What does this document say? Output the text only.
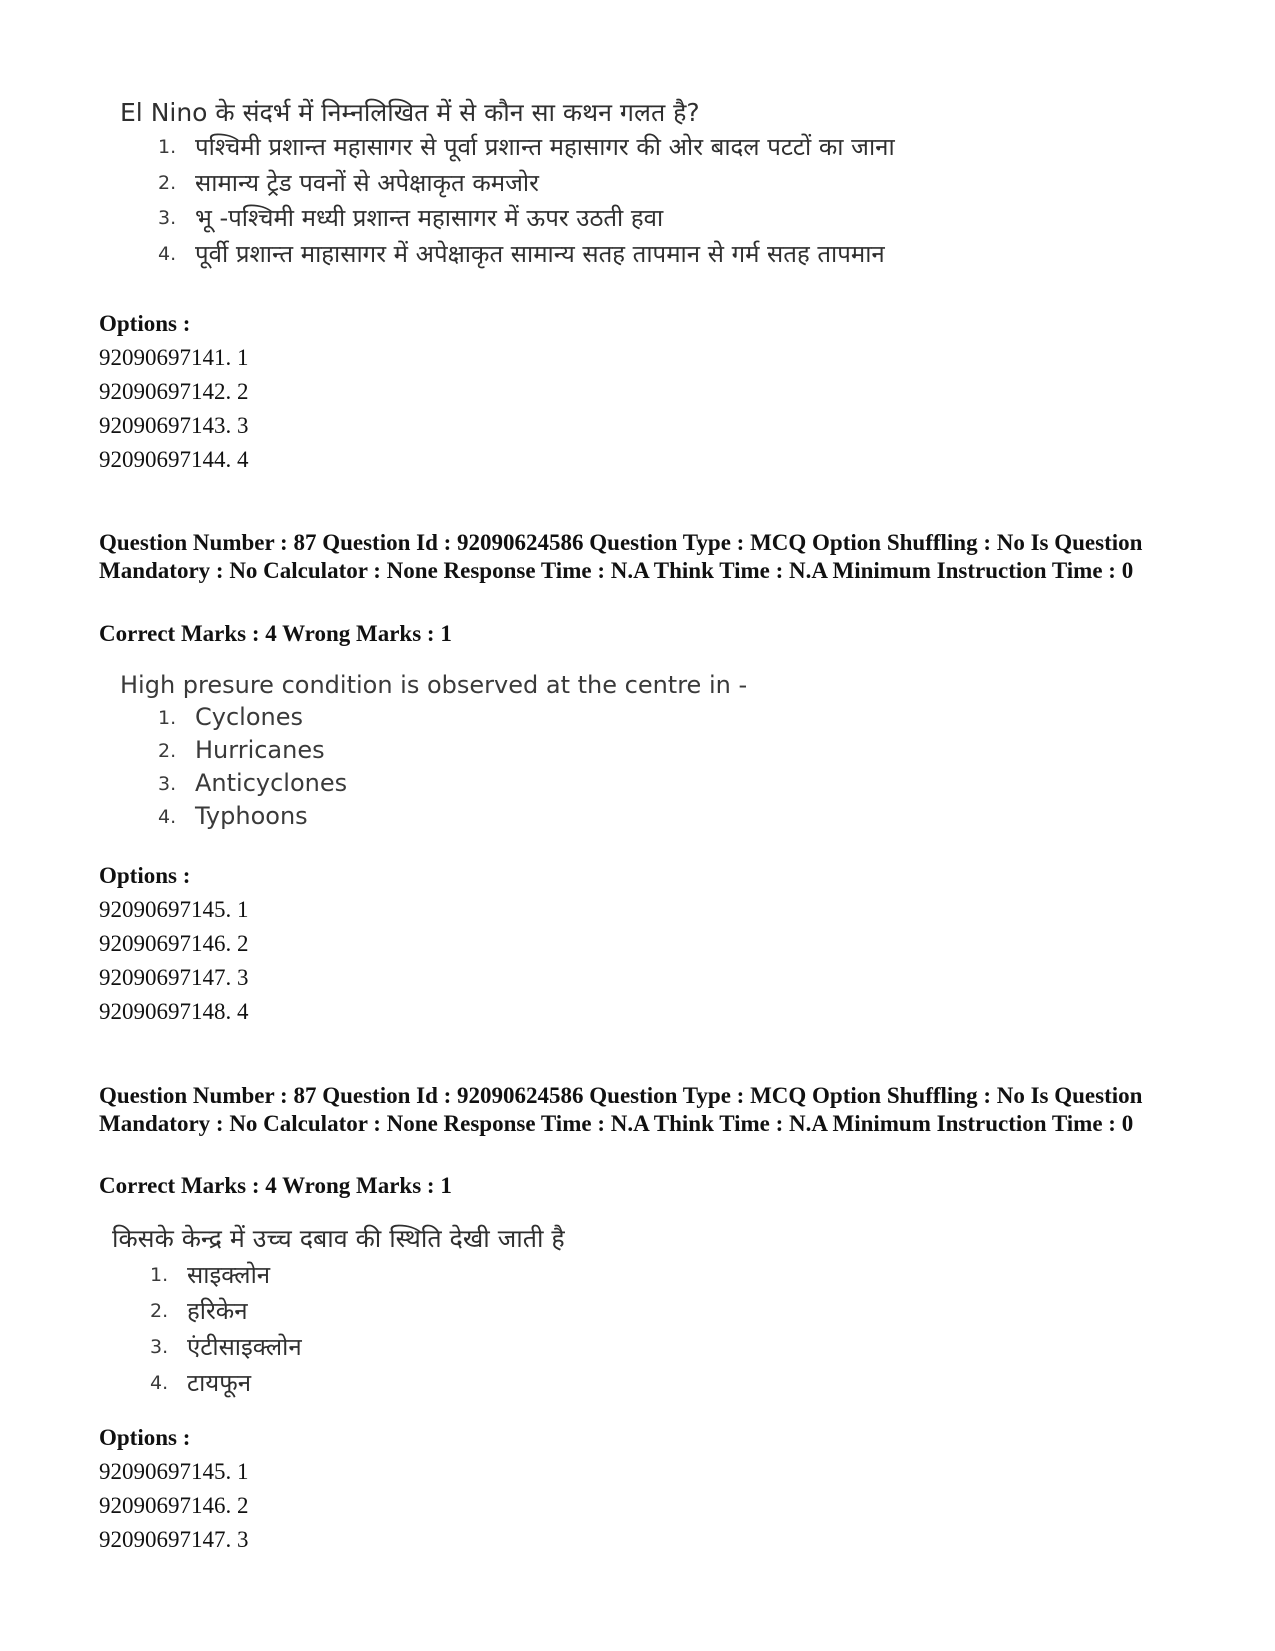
El Nino के संदर्भ में निम्नलिखित में से कौन सा कथन गलत है?
1. पश्चिमी प्रशान्त महासागर से पूर्वा प्रशान्त महासागर की ओर बादल पटटों का जाना
2. सामान्य ट्रेड पवनों से अपेक्षाकृत कमजोर
3. भू -पश्चिमी मध्यी प्रशान्त महासागर में ऊपर उठती हवा
4. पूर्वी प्रशान्त माहासागर में अपेक्षाकृत सामान्य सतह तापमान से गर्म सतह तापमान
Options :
92090697141. 1
92090697142. 2
92090697143. 3
92090697144. 4
Question Number : 87 Question Id : 92090624586 Question Type : MCQ Option Shuffling : No Is Question Mandatory : No Calculator : None Response Time : N.A Think Time : N.A Minimum Instruction Time : 0
Correct Marks : 4 Wrong Marks : 1
High presure condition is observed at the centre in -
1. Cyclones
2. Hurricanes
3. Anticyclones
4. Typhoons
Options :
92090697145. 1
92090697146. 2
92090697147. 3
92090697148. 4
Question Number : 87 Question Id : 92090624586 Question Type : MCQ Option Shuffling : No Is Question Mandatory : No Calculator : None Response Time : N.A Think Time : N.A Minimum Instruction Time : 0
Correct Marks : 4 Wrong Marks : 1
किसके केन्द्र में उच्च दबाव की स्थिति देखी जाती है
1. साइक्लोन
2. हरिकेन
3. एंटीसाइक्लोन
4. टायफून
Options :
92090697145. 1
92090697146. 2
92090697147. 3
